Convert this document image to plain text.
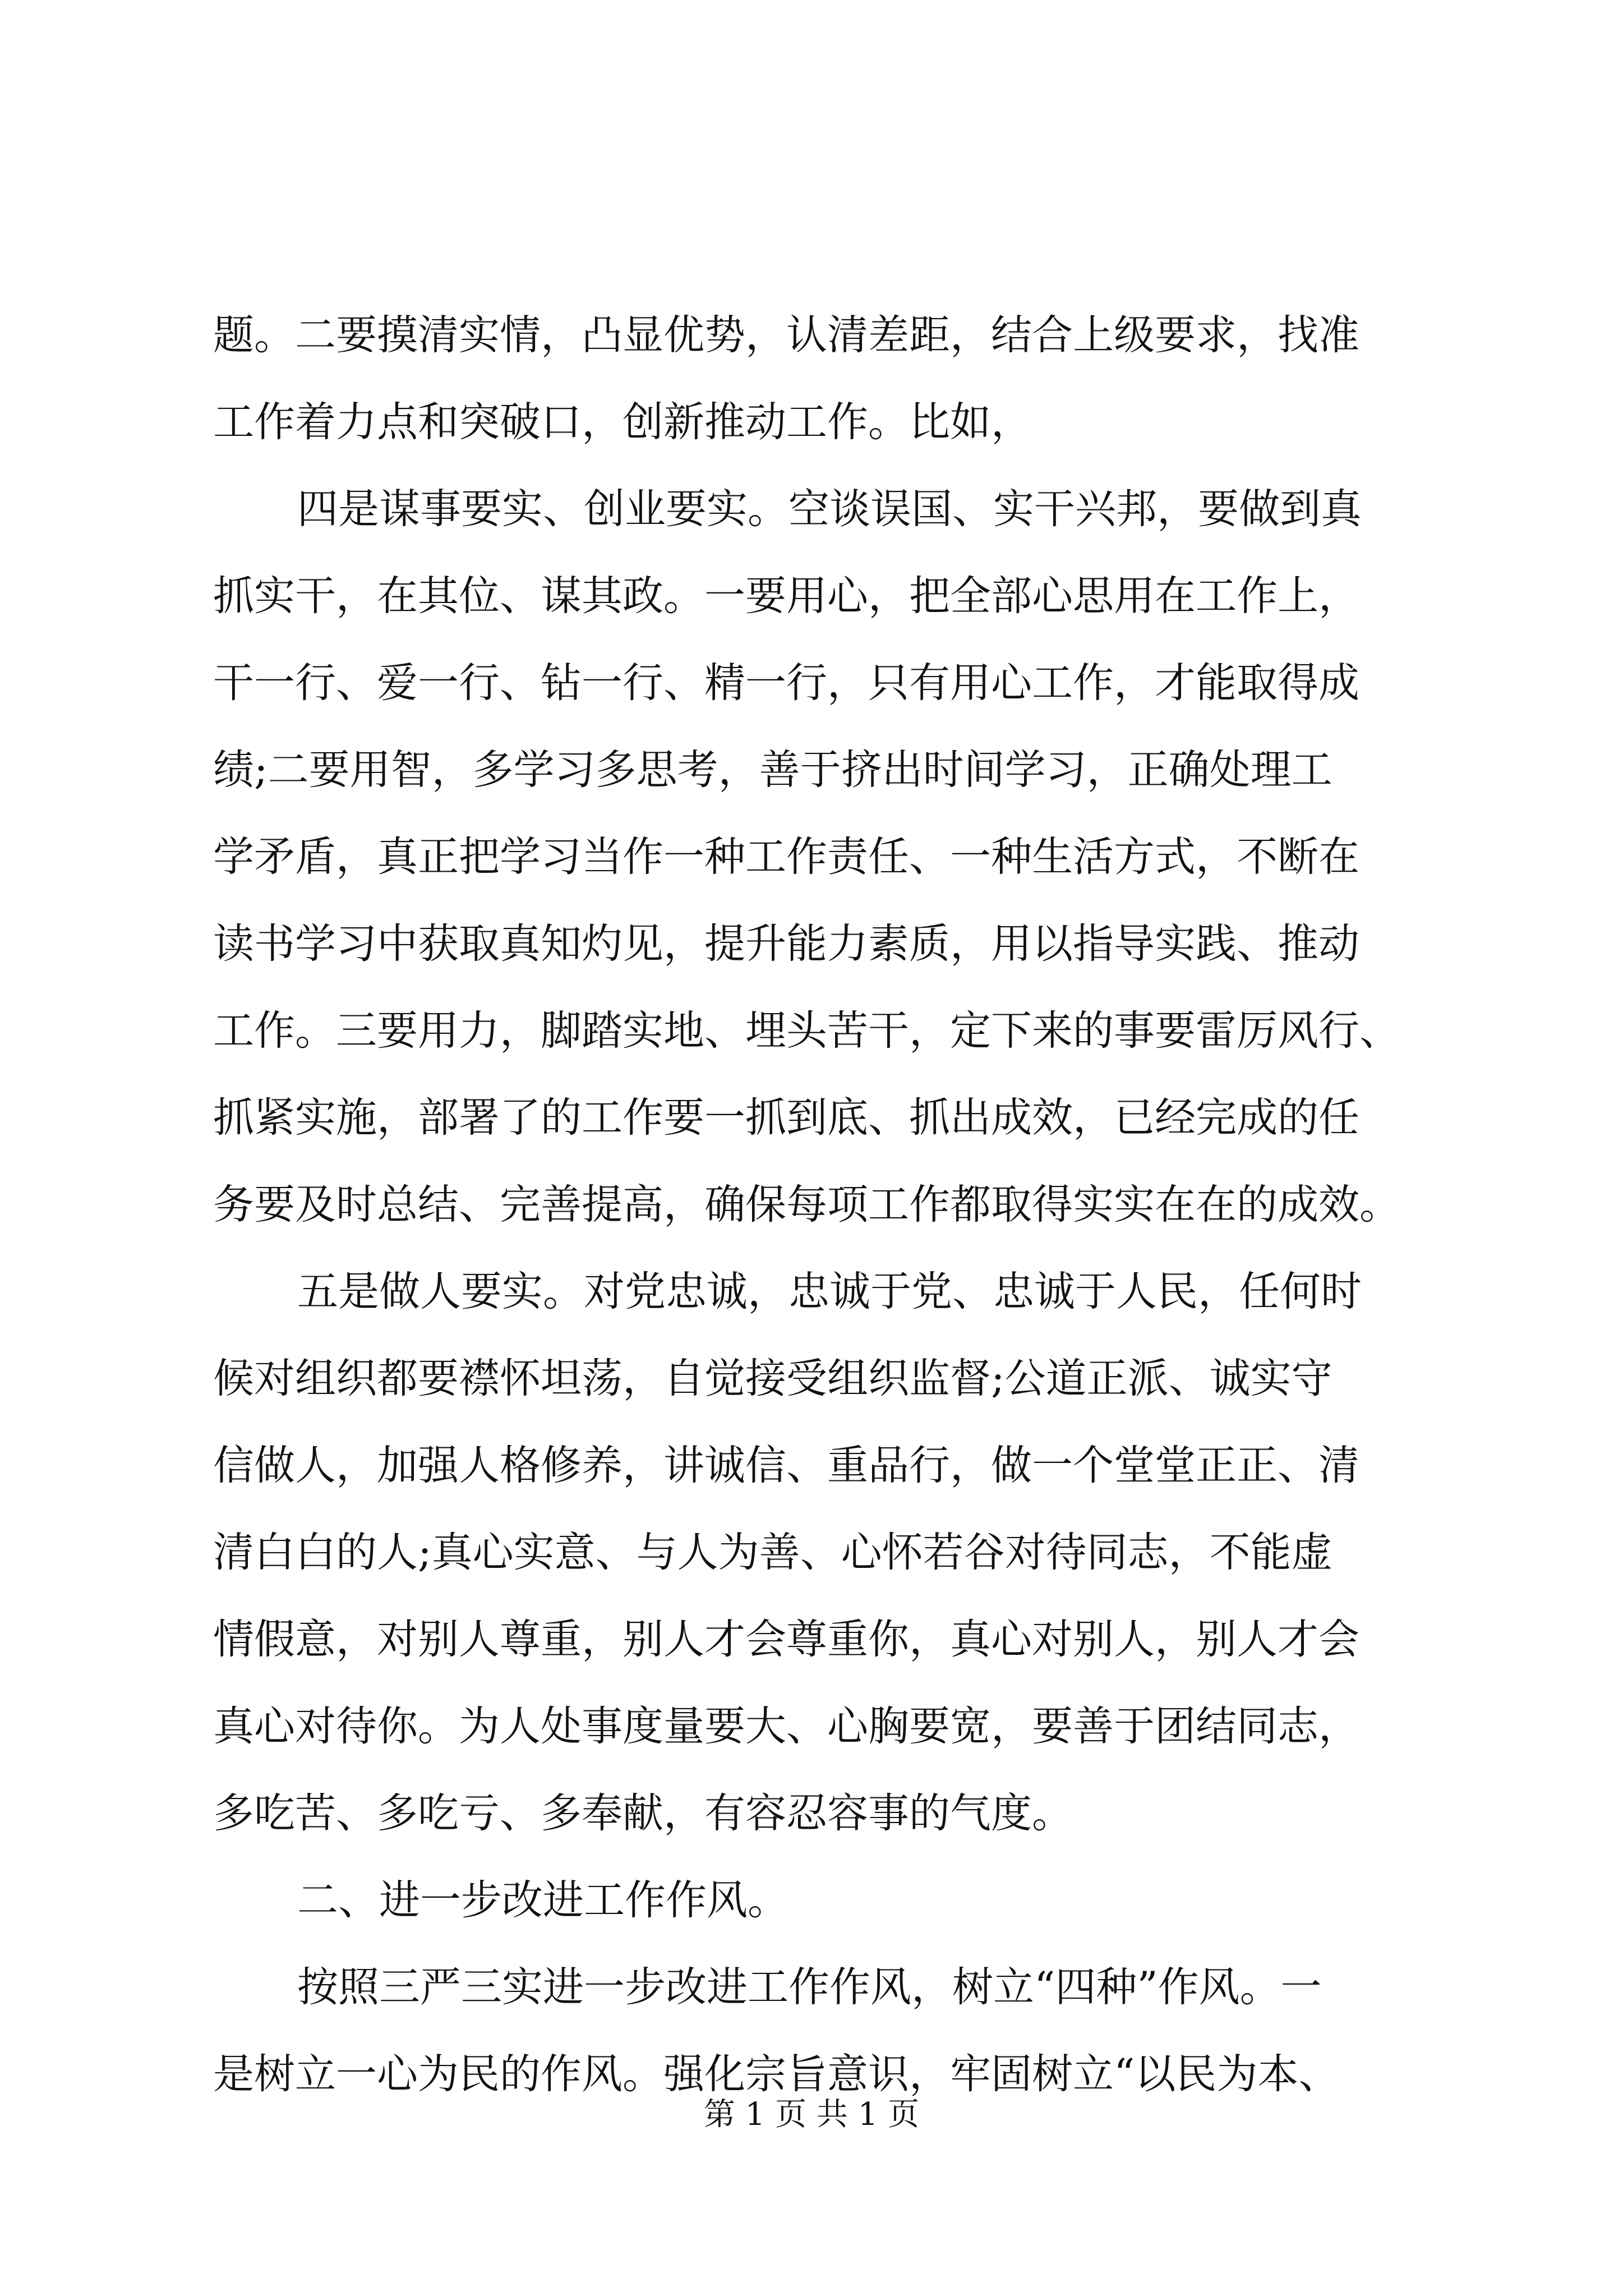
题。二要摸清实情，凸显优势，认清差距，结合上级要求，找准
工作着力点和突破口，创新推动工作。比如，
四是谋事要实、创业要实。空谈误国、实干兴邦，要做到真
抓实干，在其位、谋其政。一要用心，把全部心思用在工作上，
干一行、爱一行、钻一行、精一行，只有用心工作，才能取得成
绩;二要用智，多学习多思考，善于挤出时间学习，正确处理工
学矛盾，真正把学习当作一种工作责任、一种生活方式，不断在
读书学习中获取真知灼见，提升能力素质，用以指导实践、推动
工作。三要用力，脚踏实地、埋头苦干，定下来的事要雷厉风行、
抓紧实施，部署了的工作要一抓到底、抓出成效，已经完成的任
务要及时总结、完善提高，确保每项工作都取得实实在在的成效。
五是做人要实。对党忠诚，忠诚于党、忠诚于人民，任何时
候对组织都要襟怀坦荡，自觉接受组织监督;公道正派、诚实守
信做人，加强人格修养，讲诚信、重品行，做一个堂堂正正、清
清白白的人;真心实意、与人为善、心怀若谷对待同志，不能虚
情假意，对别人尊重，别人才会尊重你，真心对别人，别人才会
真心对待你。为人处事度量要大、心胸要宽，要善于团结同志，
多吃苦、多吃亏、多奉献，有容忍容事的气度。
二、进一步改进工作作风。
按照三严三实进一步改进工作作风，树立“四种”作风。一
是树立一心为民的作风。强化宗旨意识，牢固树立“以民为本、
第 1 页 共 1 页
